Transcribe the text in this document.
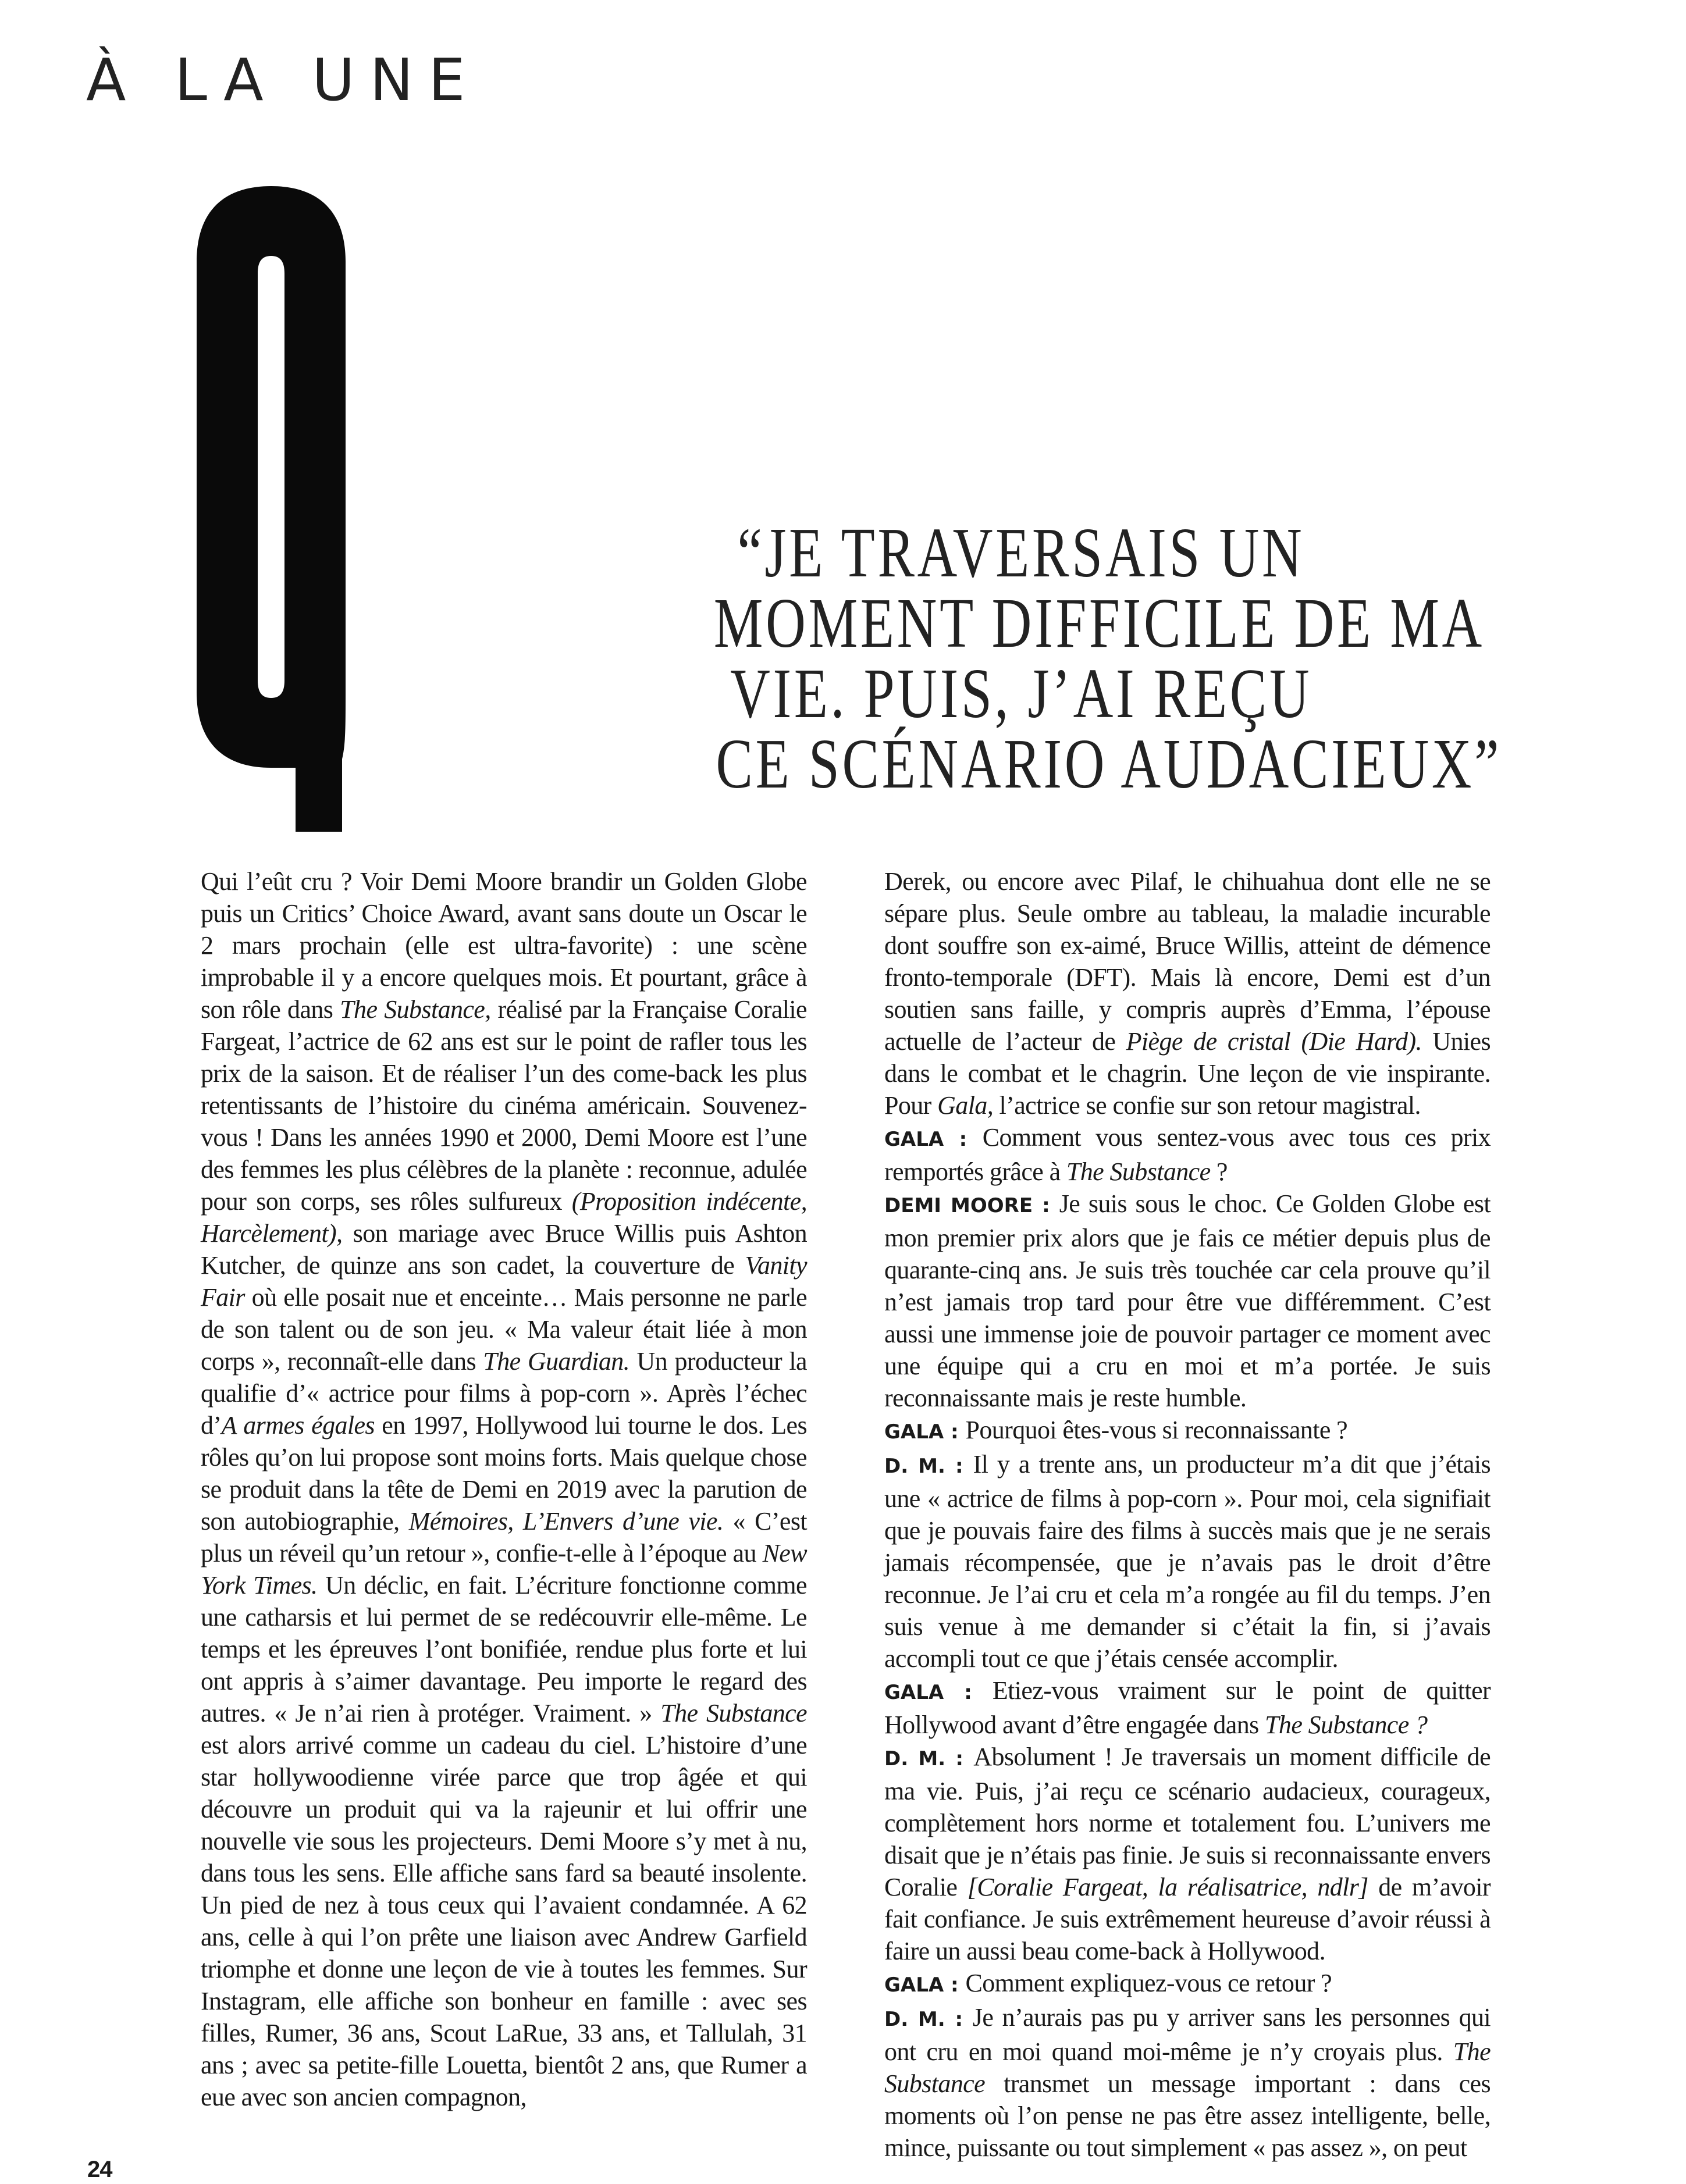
À LA UNE
“JE TRAVERSAIS UN
MOMENT DIFFICILE DE MA
VIE. PUIS, J’AI REÇU
CE SCÉNARIO AUDACIEUX”

Qui l’eût cru ? Voir Demi Moore brandir un Golden Globe puis un Critics’ Choice Award, avant sans doute un Oscar le 2 mars prochain (elle est ultra-favorite) : une scène improbable il y a encore quelques mois. Et pourtant, grâce à son rôle dans The Substance, réalisé par la Française Coralie Fargeat, l’actrice de 62 ans est sur le point de rafler tous les prix de la saison. Et de réaliser l’un des come-back les plus retentissants de l’histoire du cinéma américain. Souvenez-vous ! Dans les années 1990 et 2000, Demi Moore est l’une des femmes les plus célèbres de la planète : reconnue, adulée pour son corps, ses rôles sulfureux (Proposition indécente, Harcèlement), son mariage avec Bruce Willis puis Ashton Kutcher, de quinze ans son cadet, la couverture de Vanity Fair où elle posait nue et enceinte… Mais personne ne parle de son talent ou de son jeu. « Ma valeur était liée à mon corps », reconnaît-elle dans The Guardian. Un producteur la qualifie d’« actrice pour films à pop-corn ». Après l’échec d’A armes égales en 1997, Hollywood lui tourne le dos. Les rôles qu’on lui propose sont moins forts. Mais quelque chose se produit dans la tête de Demi en 2019 avec la parution de son autobiographie, Mémoires, L’Envers d’une vie. « C’est plus un réveil qu’un retour », confie-t-elle à l’époque au New York Times. Un déclic, en fait. L’écriture fonctionne comme une catharsis et lui permet de se redécouvrir elle-même. Le temps et les épreuves l’ont bonifiée, rendue plus forte et lui ont appris à s’aimer davantage. Peu importe le regard des autres. « Je n’ai rien à protéger. Vraiment. » The Substance est alors arrivé comme un cadeau du ciel. L’histoire d’une star hollywoodienne virée parce que trop âgée et qui découvre un produit qui va la rajeunir et lui offrir une nouvelle vie sous les projecteurs. Demi Moore s’y met à nu, dans tous les sens. Elle affiche sans fard sa beauté insolente. Un pied de nez à tous ceux qui l’avaient condamnée. A 62 ans, celle à qui l’on prête une liaison avec Andrew Garfield triomphe et donne une leçon de vie à toutes les femmes. Sur Instagram, elle affiche son bonheur en famille : avec ses filles, Rumer, 36 ans, Scout LaRue, 33 ans, et Tallulah, 31 ans ; avec sa petite-fille Louetta, bientôt 2 ans, que Rumer a eue avec son ancien compagnon,

Derek, ou encore avec Pilaf, le chihuahua dont elle ne se sépare plus. Seule ombre au tableau, la maladie incurable dont souffre son ex-aimé, Bruce Willis, atteint de démence fronto-temporale (DFT). Mais là encore, Demi est d’un soutien sans faille, y compris auprès d’Emma, l’épouse actuelle de l’acteur de Piège de cristal (Die Hard). Unies dans le combat et le chagrin. Une leçon de vie inspirante. Pour Gala, l’actrice se confie sur son retour magistral.

GALA : Comment vous sentez-vous avec tous ces prix remportés grâce à The Substance ?

DEMI MOORE : Je suis sous le choc. Ce Golden Globe est mon premier prix alors que je fais ce métier depuis plus de quarante-cinq ans. Je suis très touchée car cela prouve qu’il n’est jamais trop tard pour être vue différemment. C’est aussi une immense joie de pouvoir partager ce moment avec une équipe qui a cru en moi et m’a portée. Je suis reconnaissante mais je reste humble.

GALA : Pourquoi êtes-vous si reconnaissante ?

D. M. : Il y a trente ans, un producteur m’a dit que j’étais une « actrice de films à pop-corn ». Pour moi, cela signifiait que je pouvais faire des films à succès mais que je ne serais jamais récompensée, que je n’avais pas le droit d’être reconnue. Je l’ai cru et cela m’a rongée au fil du temps. J’en suis venue à me demander si c’était la fin, si j’avais accompli tout ce que j’étais censée accomplir.

GALA : Etiez-vous vraiment sur le point de quitter Hollywood avant d’être engagée dans The Substance ?

D. M. : Absolument ! Je traversais un moment difficile de ma vie. Puis, j’ai reçu ce scénario audacieux, courageux, complètement hors norme et totalement fou. L’univers me disait que je n’étais pas finie. Je suis si reconnaissante envers Coralie [Coralie Fargeat, la réalisatrice, ndlr] de m’avoir fait confiance. Je suis extrêmement heureuse d’avoir réussi à faire un aussi beau come-back à Hollywood.

GALA : Comment expliquez-vous ce retour ?

D. M. : Je n’aurais pas pu y arriver sans les personnes qui ont cru en moi quand moi-même je n’y croyais plus. The Substance transmet un message important : dans ces moments où l’on pense ne pas être assez intelligente, belle, mince, puissante ou tout simplement « pas assez », on peut

24
